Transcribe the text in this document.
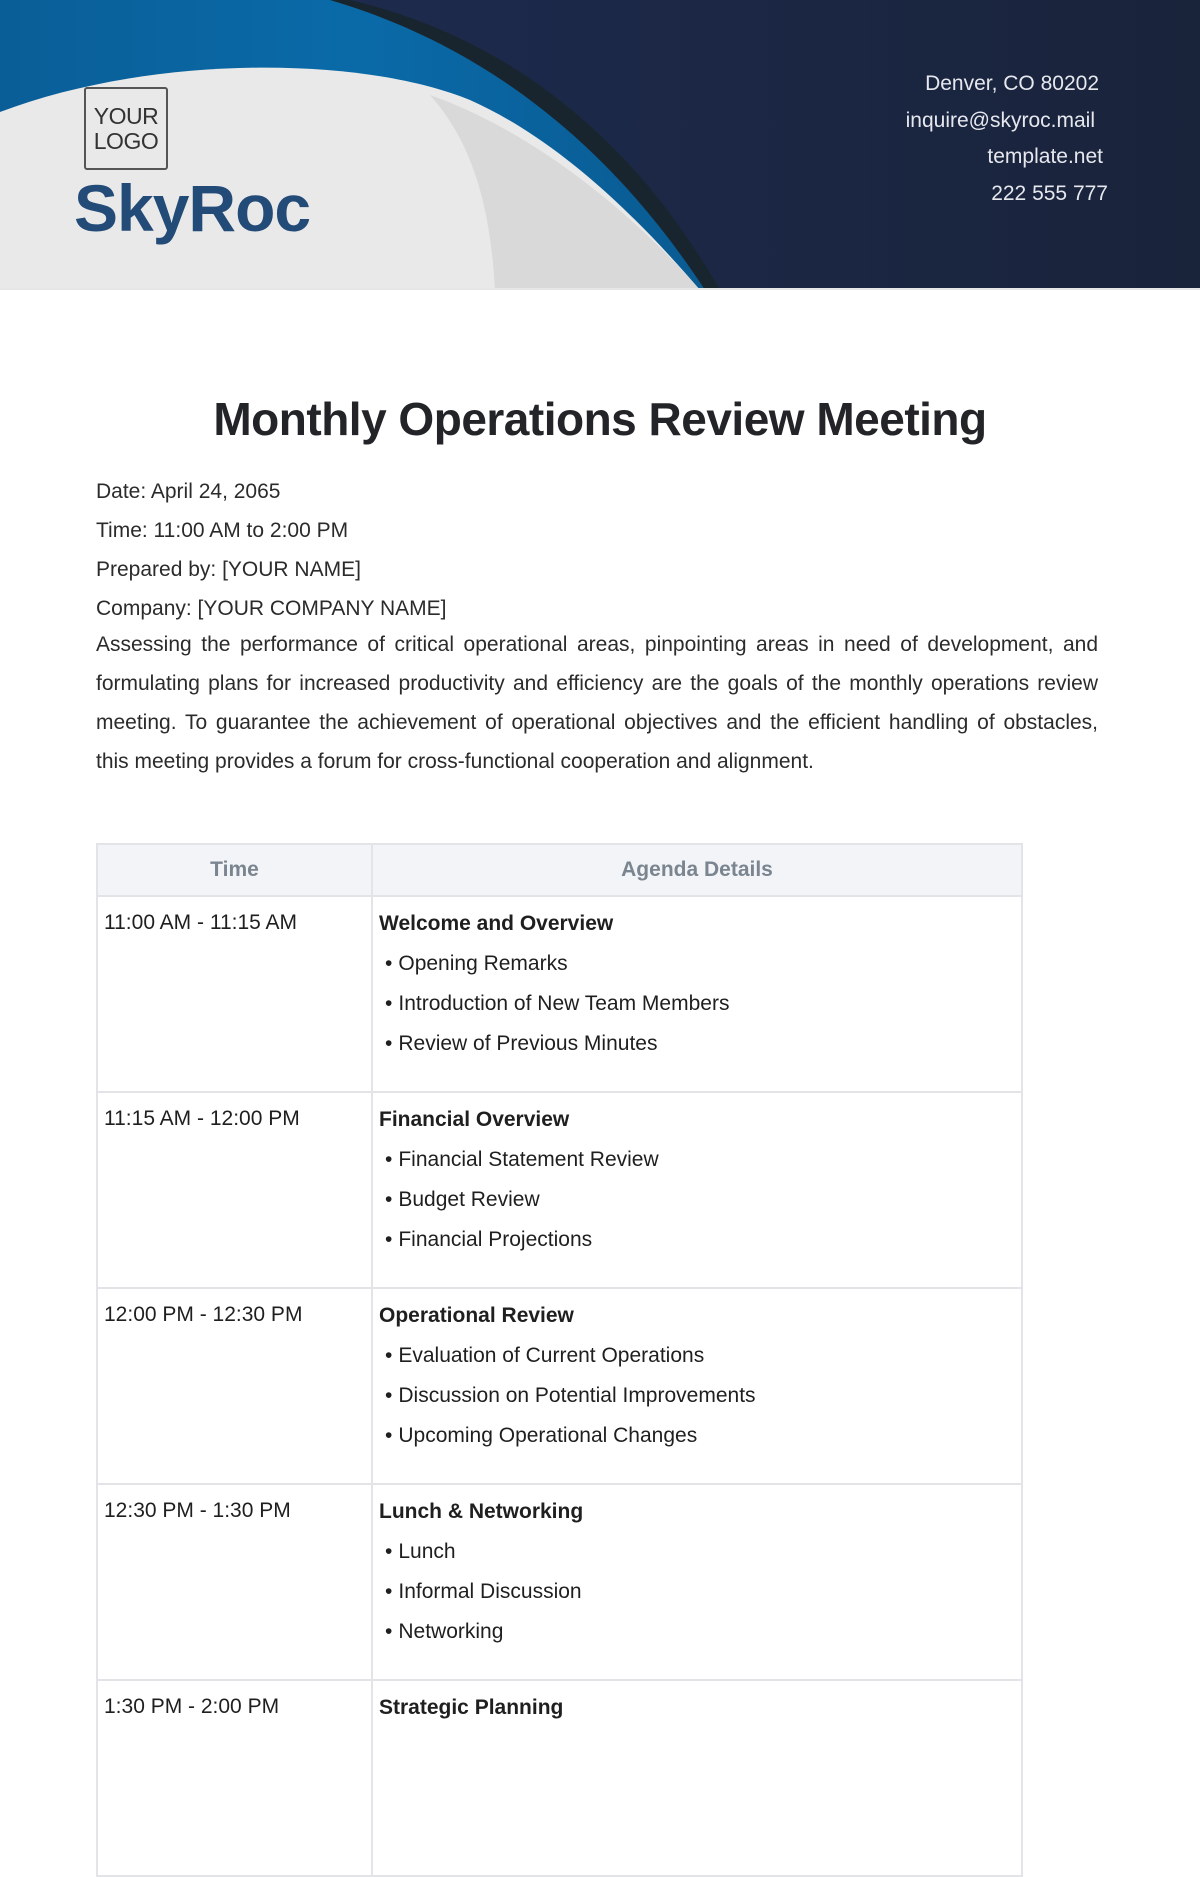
YOUR
LOGO
SkyRoc
Denver, CO 80202
inquire@skyroc.mail
template.net
222 555 777
Monthly Operations Review Meeting
Date: April 24, 2065
Time: 11:00 AM to 2:00 PM
Prepared by: [YOUR NAME]
Company: [YOUR COMPANY NAME]

Assessing the performance of critical operational areas, pinpointing areas in need of development, and formulating plans for increased productivity and efficiency are the goals of the monthly operations review meeting. To guarantee the achievement of operational objectives and the efficient handling of obstacles, this meeting provides a forum for cross-functional cooperation and alignment.

Time	Agenda Details
11:00 AM - 11:15 AM	Welcome and Overview
• Opening Remarks
• Introduction of New Team Members
• Review of Previous Minutes

11:15 AM - 12:00 PM	Financial Overview
• Financial Statement Review
• Budget Review
• Financial Projections

12:00 PM - 12:30 PM	Operational Review
• Evaluation of Current Operations
• Discussion on Potential Improvements
• Upcoming Operational Changes

12:30 PM - 1:30 PM	Lunch & Networking
• Lunch
• Informal Discussion
• Networking

1:30 PM - 2:00 PM	Strategic Planning
